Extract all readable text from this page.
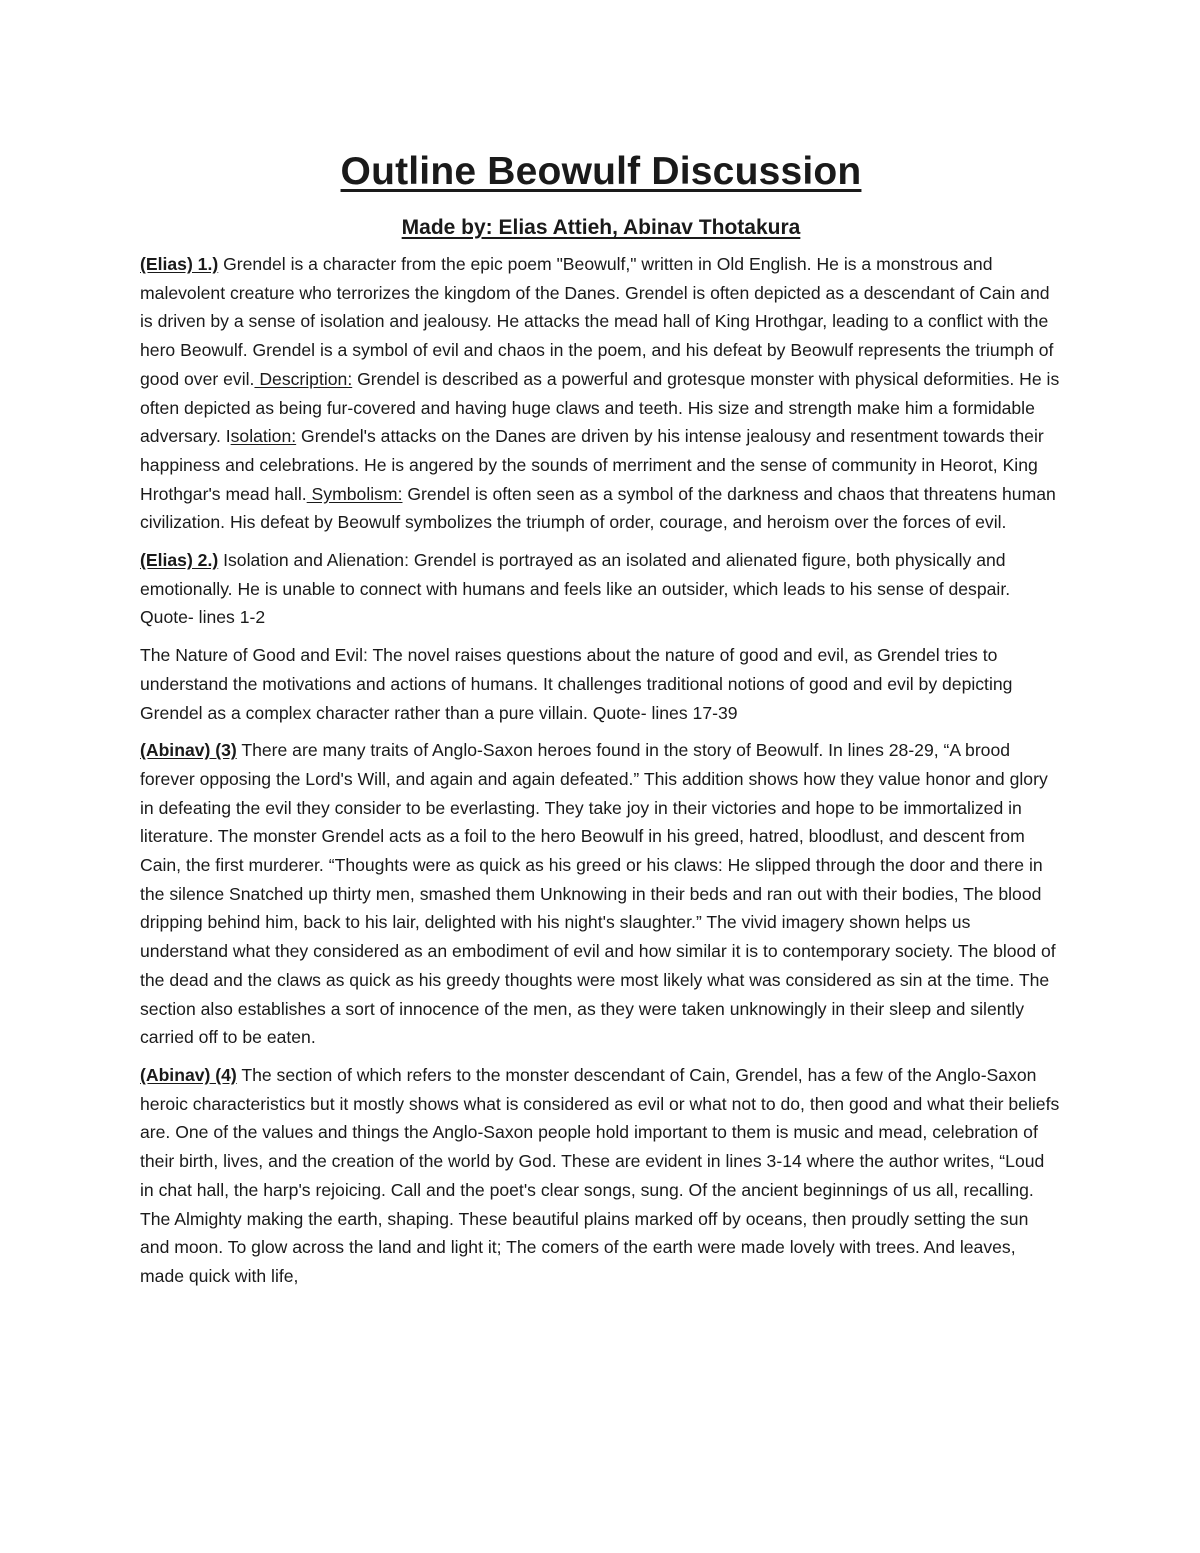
Outline Beowulf Discussion
Made by: Elias Attieh, Abinav Thotakura

(Elias) 1.) Grendel is a character from the epic poem "Beowulf," written in Old English. He is a monstrous and malevolent creature who terrorizes the kingdom of the Danes. Grendel is often depicted as a descendant of Cain and is driven by a sense of isolation and jealousy. He attacks the mead hall of King Hrothgar, leading to a conflict with the hero Beowulf. Grendel is a symbol of evil and chaos in the poem, and his defeat by Beowulf represents the triumph of good over evil. Description: Grendel is described as a powerful and grotesque monster with physical deformities. He is often depicted as being fur-covered and having huge claws and teeth. His size and strength make him a formidable adversary. Isolation: Grendel's attacks on the Danes are driven by his intense jealousy and resentment towards their happiness and celebrations. He is angered by the sounds of merriment and the sense of community in Heorot, King Hrothgar's mead hall. Symbolism: Grendel is often seen as a symbol of the darkness and chaos that threatens human civilization. His defeat by Beowulf symbolizes the triumph of order, courage, and heroism over the forces of evil.

(Elias) 2.) Isolation and Alienation: Grendel is portrayed as an isolated and alienated figure, both physically and emotionally. He is unable to connect with humans and feels like an outsider, which leads to his sense of despair. Quote- lines 1-2

The Nature of Good and Evil: The novel raises questions about the nature of good and evil, as Grendel tries to understand the motivations and actions of humans. It challenges traditional notions of good and evil by depicting Grendel as a complex character rather than a pure villain. Quote- lines 17-39

(Abinav) (3) There are many traits of Anglo-Saxon heroes found in the story of Beowulf. In lines 28-29, “A brood forever opposing the Lord's Will, and again and again defeated.” This addition shows how they value honor and glory in defeating the evil they consider to be everlasting. They take joy in their victories and hope to be immortalized in literature. The monster Grendel acts as a foil to the hero Beowulf in his greed, hatred, bloodlust, and descent from Cain, the first murderer. “Thoughts were as quick as his greed or his claws: He slipped through the door and there in the silence Snatched up thirty men, smashed them Unknowing in their beds and ran out with their bodies, The blood dripping behind him, back to his lair, delighted with his night's slaughter.” The vivid imagery shown helps us understand what they considered as an embodiment of evil and how similar it is to contemporary society. The blood of the dead and the claws as quick as his greedy thoughts were most likely what was considered as sin at the time. The section also establishes a sort of innocence of the men, as they were taken unknowingly in their sleep and silently carried off to be eaten.

(Abinav) (4) The section of which refers to the monster descendant of Cain, Grendel, has a few of the Anglo-Saxon heroic characteristics but it mostly shows what is considered as evil or what not to do, then good and what their beliefs are. One of the values and things the Anglo-Saxon people hold important to them is music and mead, celebration of their birth, lives, and the creation of the world by God. These are evident in lines 3-14 where the author writes, “Loud in chat hall, the harp's rejoicing. Call and the poet's clear songs, sung. Of the ancient beginnings of us all, recalling. The Almighty making the earth, shaping. These beautiful plains marked off by oceans, then proudly setting the sun and moon. To glow across the land and light it; The comers of the earth were made lovely with trees. And leaves, made quick with life,
